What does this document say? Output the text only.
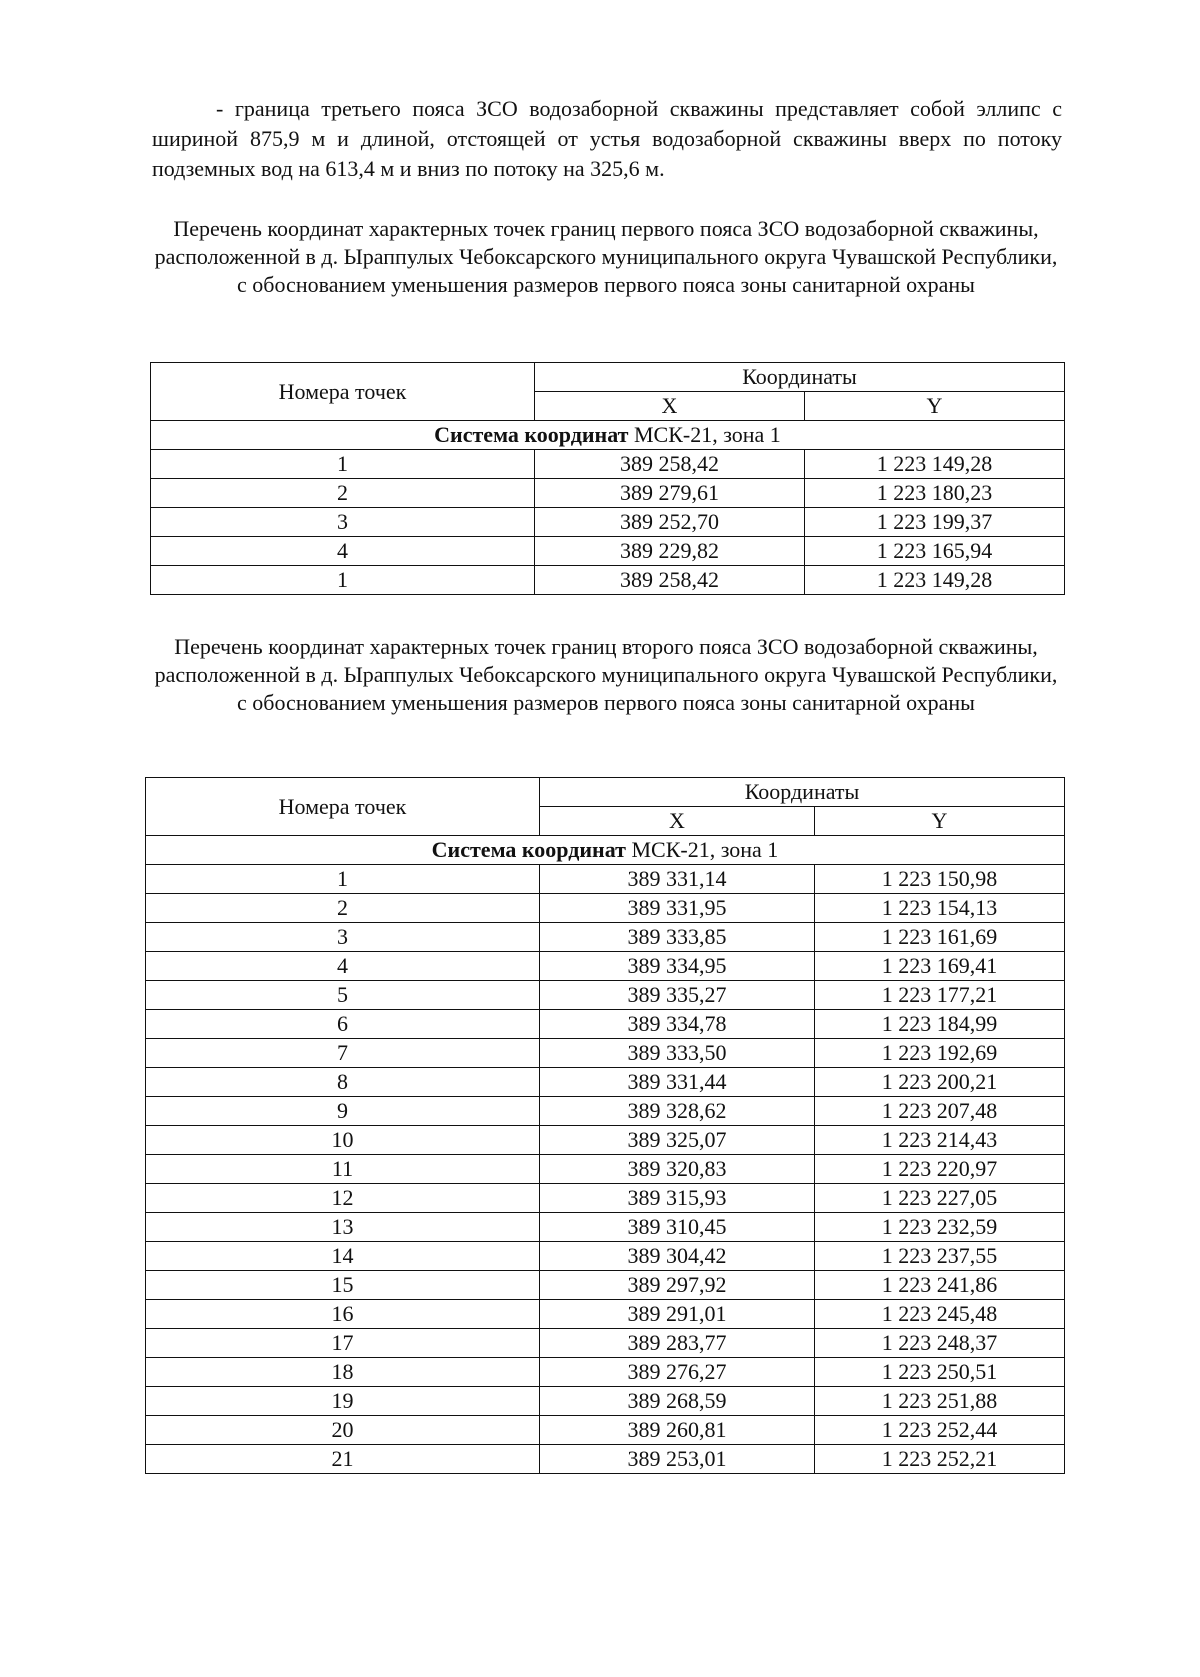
- граница третьего пояса ЗСО водозаборной скважины представляет собой эллипс с шириной 875,9 м и длиной, отстоящей от устья водозаборной скважины вверх по потоку подземных вод на 613,4 м и вниз по потоку на 325,6 м.

Перечень координат характерных точек границ первого пояса ЗСО водозаборной скважины, расположенной в д. Ыраппулых Чебоксарского муниципального округа Чувашской Республики, с обоснованием уменьшения размеров первого пояса зоны санитарной охраны

Номера точек	Координаты	
	X	Y
Система координат МСК-21, зона 1		
1	389 258,42	1 223 149,28
2	389 279,61	1 223 180,23
3	389 252,70	1 223 199,37
4	389 229,82	1 223 165,94
1	389 258,42	1 223 149,28

Перечень координат характерных точек границ второго пояса ЗСО водозаборной скважины, расположенной в д. Ыраппулых Чебоксарского муниципального округа Чувашской Республики, с обоснованием уменьшения размеров первого пояса зоны санитарной охраны

Номера точек	Координаты	
	X	Y
Система координат МСК-21, зона 1		
1	389 331,14	1 223 150,98
2	389 331,95	1 223 154,13
3	389 333,85	1 223 161,69
4	389 334,95	1 223 169,41
5	389 335,27	1 223 177,21
6	389 334,78	1 223 184,99
7	389 333,50	1 223 192,69
8	389 331,44	1 223 200,21
9	389 328,62	1 223 207,48
10	389 325,07	1 223 214,43
11	389 320,83	1 223 220,97
12	389 315,93	1 223 227,05
13	389 310,45	1 223 232,59
14	389 304,42	1 223 237,55
15	389 297,92	1 223 241,86
16	389 291,01	1 223 245,48
17	389 283,77	1 223 248,37
18	389 276,27	1 223 250,51
19	389 268,59	1 223 251,88
20	389 260,81	1 223 252,44
21	389 253,01	1 223 252,21
